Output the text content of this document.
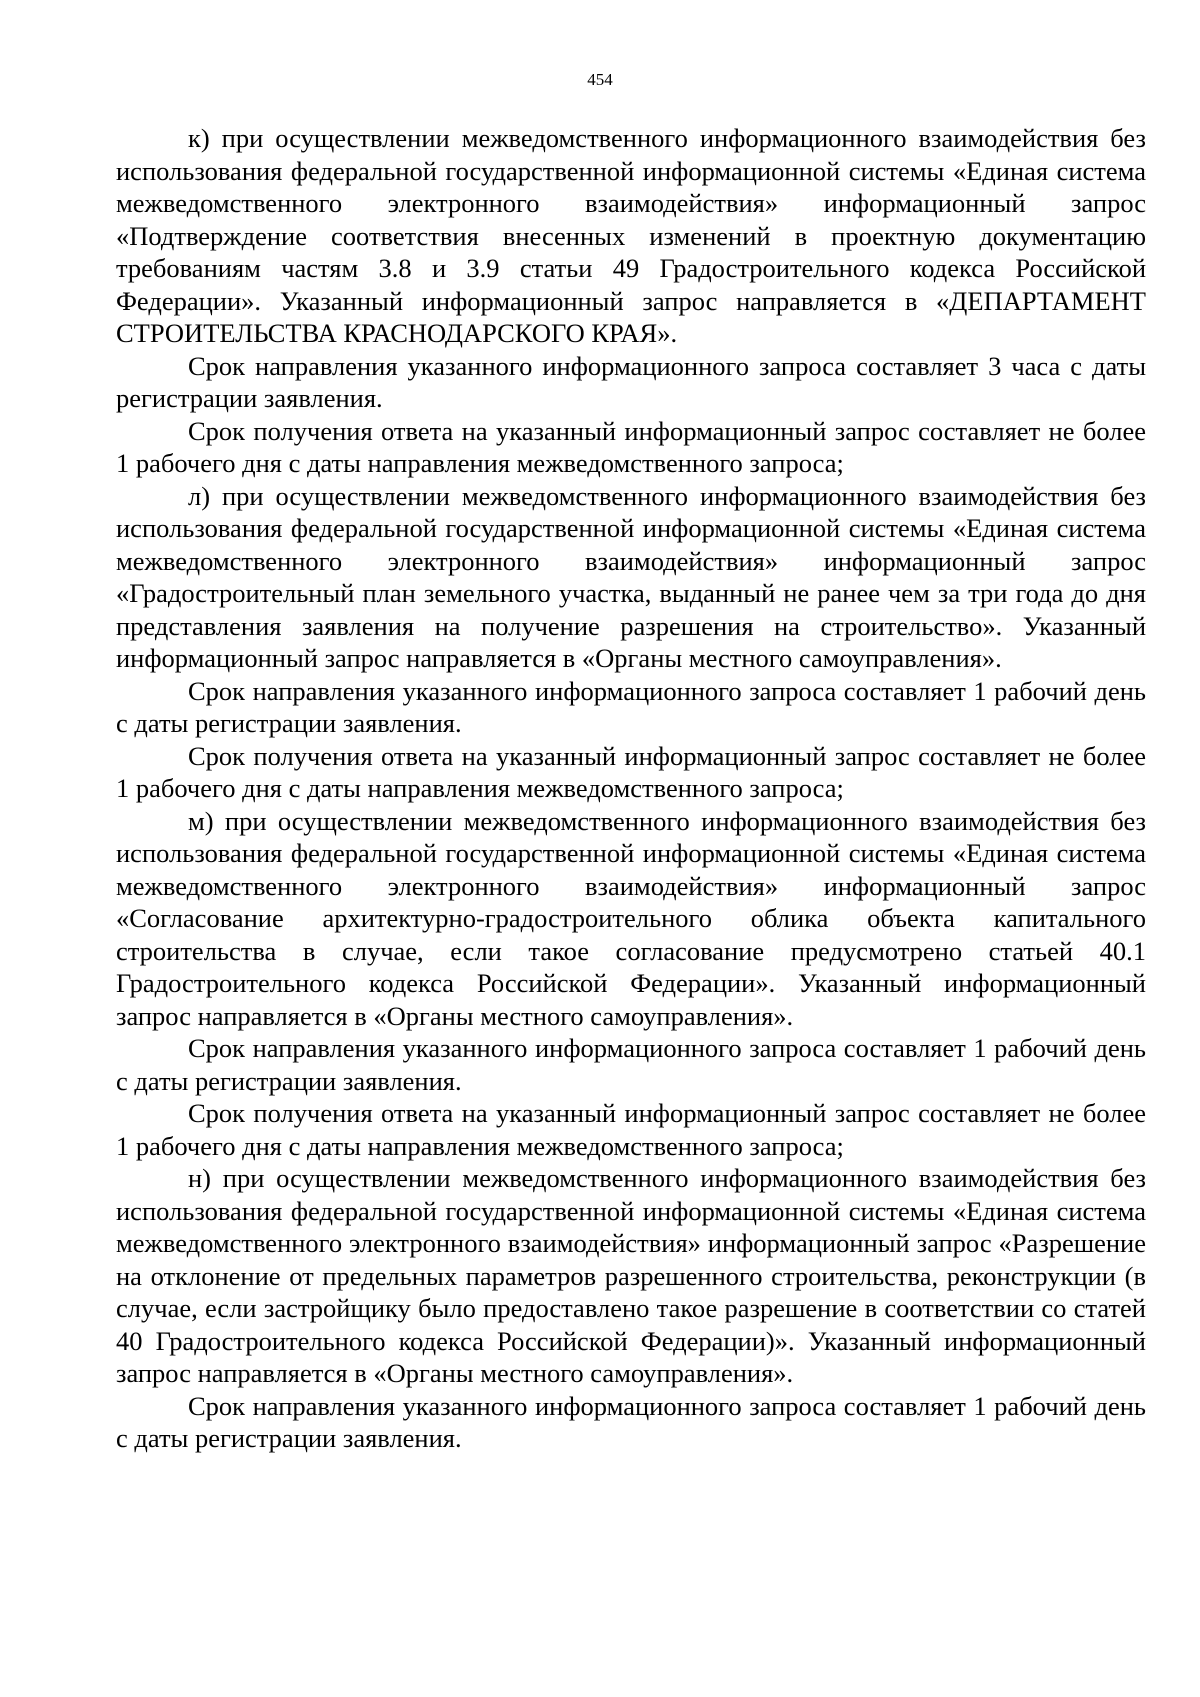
454

к) при осуществлении межведомственного информационного взаимодействия без использования федеральной государственной информационной системы «Единая система межведомственного электронного взаимодействия» информационный запрос «Подтверждение соответствия внесенных изменений в проектную документацию требованиям частям 3.8 и 3.9 статьи 49 Градостроительного кодекса Российской Федерации». Указанный информационный запрос направляется в «ДЕПАРТАМЕНТ СТРОИТЕЛЬСТВА КРАСНОДАРСКОГО КРАЯ».

Срок направления указанного информационного запроса составляет 3 часа с даты регистрации заявления.

Срок получения ответа на указанный информационный запрос составляет не более 1 рабочего дня с даты направления межведомственного запроса;

л) при осуществлении межведомственного информационного взаимодействия без использования федеральной государственной информационной системы «Единая система межведомственного электронного взаимодействия» информационный запрос «Градостроительный план земельного участка, выданный не ранее чем за три года до дня представления заявления на получение разрешения на строительство». Указанный информационный запрос направляется в «Органы местного самоуправления».

Срок направления указанного информационного запроса составляет 1 рабочий день с даты регистрации заявления.

Срок получения ответа на указанный информационный запрос составляет не более 1 рабочего дня с даты направления межведомственного запроса;

м) при осуществлении межведомственного информационного взаимодействия без использования федеральной государственной информационной системы «Единая система межведомственного электронного взаимодействия» информационный запрос «Согласование архитектурно-градостроительного облика объекта капитального строительства в случае, если такое согласование предусмотрено статьей 40.1 Градостроительного кодекса Российской Федерации». Указанный информационный запрос направляется в «Органы местного самоуправления».

Срок направления указанного информационного запроса составляет 1 рабочий день с даты регистрации заявления.

Срок получения ответа на указанный информационный запрос составляет не более 1 рабочего дня с даты направления межведомственного запроса;

н) при осуществлении межведомственного информационного взаимодействия без использования федеральной государственной информационной системы «Единая система межведомственного электронного взаимодействия» информационный запрос «Разрешение на отклонение от предельных параметров разрешенного строительства, реконструкции (в случае, если застройщику было предоставлено такое разрешение в соответствии со статей 40 Градостроительного кодекса Российской Федерации)». Указанный информационный запрос направляется в «Органы местного самоуправления».

Срок направления указанного информационного запроса составляет 1 рабочий день с даты регистрации заявления.
